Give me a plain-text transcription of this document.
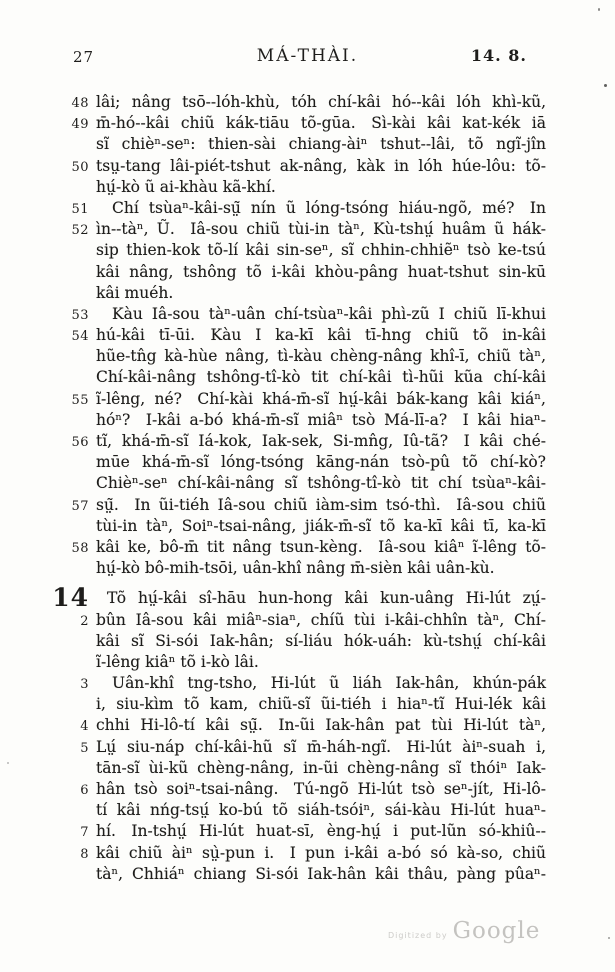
27	MÁ-THÀI.	14. 8.
48 lâi; nâng tsō--lóh-khù, tóh chí-kâi hó--kâi lóh khì-kũ,
49 m̄-hó--kâi chiũ kák-tiāu tõ-gūa. Sì-kài kâi kat-kék iā
sĩ chièⁿ-seⁿ: thien-sài chiang-àiⁿ tshut--lâi, tõ ngĩ-jîn
50 tsṳ-tang lâi-piét-tshut ak-nâng, kàk in lóh húe-lôu: tõ-
hṳ́-kò ũ ai-khàu kã-khí.
51	Chí tsùaⁿ-kâi-sṳ̃ nín ũ lóng-tsóng hiáu-ngõ, mé? In
52 ìn--tàⁿ, Ũ. Iâ-sou chiũ tùi-in tàⁿ, Kù-tshṳ́ huâm ũ hák-
sip thien-kok tõ-lí kâi sin-seⁿ, sĩ chhin-chhiẽⁿ tsò ke-tsú
kâi nâng, tshông tõ i-kâi khòu-pâng huat-tshut sin-kū
kâi muéh.
53	Kàu Iâ-sou tàⁿ-uân chí-tsùaⁿ-kâi phì-zũ I chiũ lī-khui
54 hú-kâi tī-ūi. Kàu I ka-kī kâi tī-hng chiũ tõ in-kâi
hũe-tn̂g kà-hùe nâng, tì-kàu chèng-nâng khî-ī, chiũ tàⁿ,
Chí-kâi-nâng tshông-tî-kò tit chí-kâi tì-hũi kũa chí-kâi
55 ĩ-lêng, né? Chí-kài khá-m̄-sĩ hṳ́-kâi bák-kang kâi kiáⁿ,
hóⁿ? I-kâi a-bó khá-m̄-sĩ miâⁿ tsò Má-lī-a? I kâi hiaⁿ-
56 tĩ, khá-m̄-sĩ Iá-kok, Iak-sek, Si-mn̂g, Iû-tã? I kâi ché-
mūe khá-m̄-sĩ lóng-tsóng kāng-nán tsò-pû tõ chí-kò?
Chièⁿ-seⁿ chí-kâi-nâng sĩ tshông-tî-kò tit chí tsùaⁿ-kâi-
57 sṳ̃. In ũi-tiéh Iâ-sou chiũ iàm-sim tsó-thì. Iâ-sou chiũ
tùi-in tàⁿ, Soiⁿ-tsai-nâng, jiák-m̄-sĩ tõ ka-kī kâi tī, ka-kī
58 kâi ke, bô-m̄ tit nâng tsun-kèng. Iâ-sou kiâⁿ ĩ-lêng tõ-
hṳ́-kò bô-mih-tsōi, uân-khî nâng m̄-sièn kâi uân-kù.
14	Tõ hṳ́-kâi sî-hāu hun-hong kâi kun-uâng Hi-lút zṳ́-
2 bûn Iâ-sou kâi miâⁿ-siaⁿ, chíũ tùi i-kâi-chhîn tàⁿ, Chí-
kâi sĩ Si-sói Iak-hân; sí-liáu hók-uáh: kù-tshṳ́ chí-kâi
ĩ-lêng kiâⁿ tõ i-kò lâi.
3	Uân-khî tng-tsho, Hi-lút ũ liáh Iak-hân, khún-pák
i, siu-kìm tõ kam, chiũ-sĩ ũi-tiéh i hiaⁿ-tĩ Hui-lék kâi
4 chhi Hi-lô-tí kâi sṳ̃. In-ũi Iak-hân pat tùi Hi-lút tàⁿ,
5 Lṳ́ siu-náp chí-kâi-hũ sĩ m̄-háh-ngĩ. Hi-lút àiⁿ-suah i,
tān-sĩ ùi-kũ chèng-nâng, in-ũi chèng-nâng sĩ thóiⁿ Iak-
6 hân tsò soiⁿ-tsai-nâng. Tú-ngõ Hi-lút tsò seⁿ-jít, Hi-lô-
tí kâi nńg-tsṳ́ ko-bú tõ siáh-tsóiⁿ, sái-kàu Hi-lút huaⁿ-
7 hí. In-tshṳ́ Hi-lút huat-sī, èng-hṳ́ i put-lũn só-khiû--
8 kâi chiũ àiⁿ sṳ̀-pun i. I pun i-kâi a-bó só kà-so, chiũ
tàⁿ, Chhiáⁿ chiang Si-sói Iak-hân kâi thâu, pàng pûaⁿ-
Digitized by Google
